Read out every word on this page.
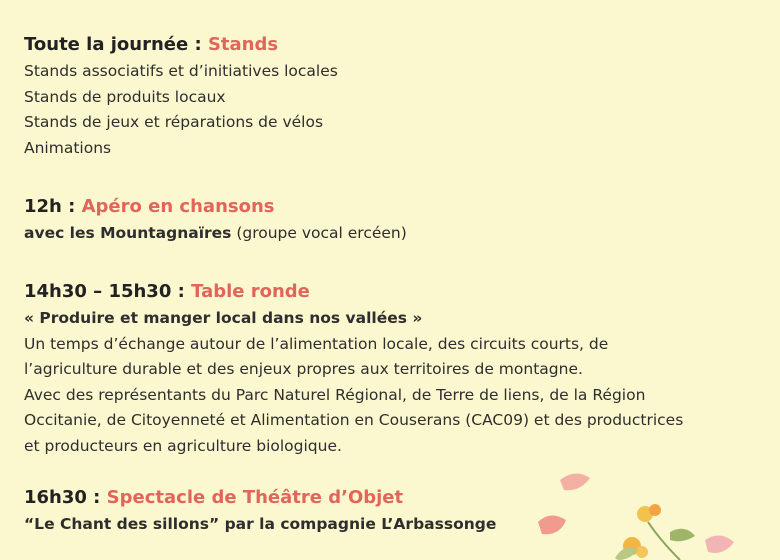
Toute la journée : Stands
Stands associatifs et d’initiatives locales
Stands de produits locaux
Stands de jeux et réparations de vélos
Animations
12h : Apéro en chansons
avec les Mountagnaïres (groupe vocal ercéen)
14h30 – 15h30 : Table ronde
« Produire et manger local dans nos vallées »
Un temps d’échange autour de l’alimentation locale, des circuits courts, de
l’agriculture durable et des enjeux propres aux territoires de montagne.
Avec des représentants du Parc Naturel Régional, de Terre de liens, de la Région
Occitanie, de Citoyenneté et Alimentation en Couserans (CAC09) et des productrices
et producteurs en agriculture biologique.
16h30 : Spectacle de Théâtre d’Objet
“Le Chant des sillons” par la compagnie L’Arbassonge
